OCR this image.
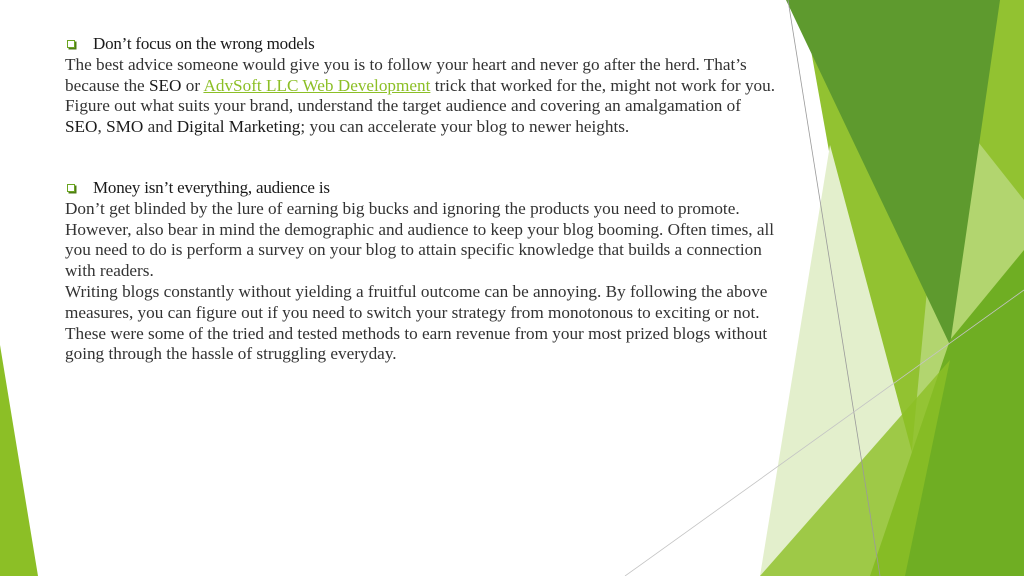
Don’t focus on the wrong models

The best advice someone would give you is to follow your heart and never go after the herd. That’s because the SEO or AdvSoft LLC Web Development trick that worked for the, might not work for you. Figure out what suits your brand, understand the target audience and covering an amalgamation of SEO, SMO and Digital Marketing; you can accelerate your blog to newer heights.

Money isn’t everything, audience is

Don’t get blinded by the lure of earning big bucks and ignoring the products you need to promote. However, also bear in mind the demographic and audience to keep your blog booming. Often times, all you need to do is perform a survey on your blog to attain specific knowledge that builds a connection with readers.

Writing blogs constantly without yielding a fruitful outcome can be annoying. By following the above measures, you can figure out if you need to switch your strategy from monotonous to exciting or not. These were some of the tried and tested methods to earn revenue from your most prized blogs without going through the hassle of struggling everyday.
